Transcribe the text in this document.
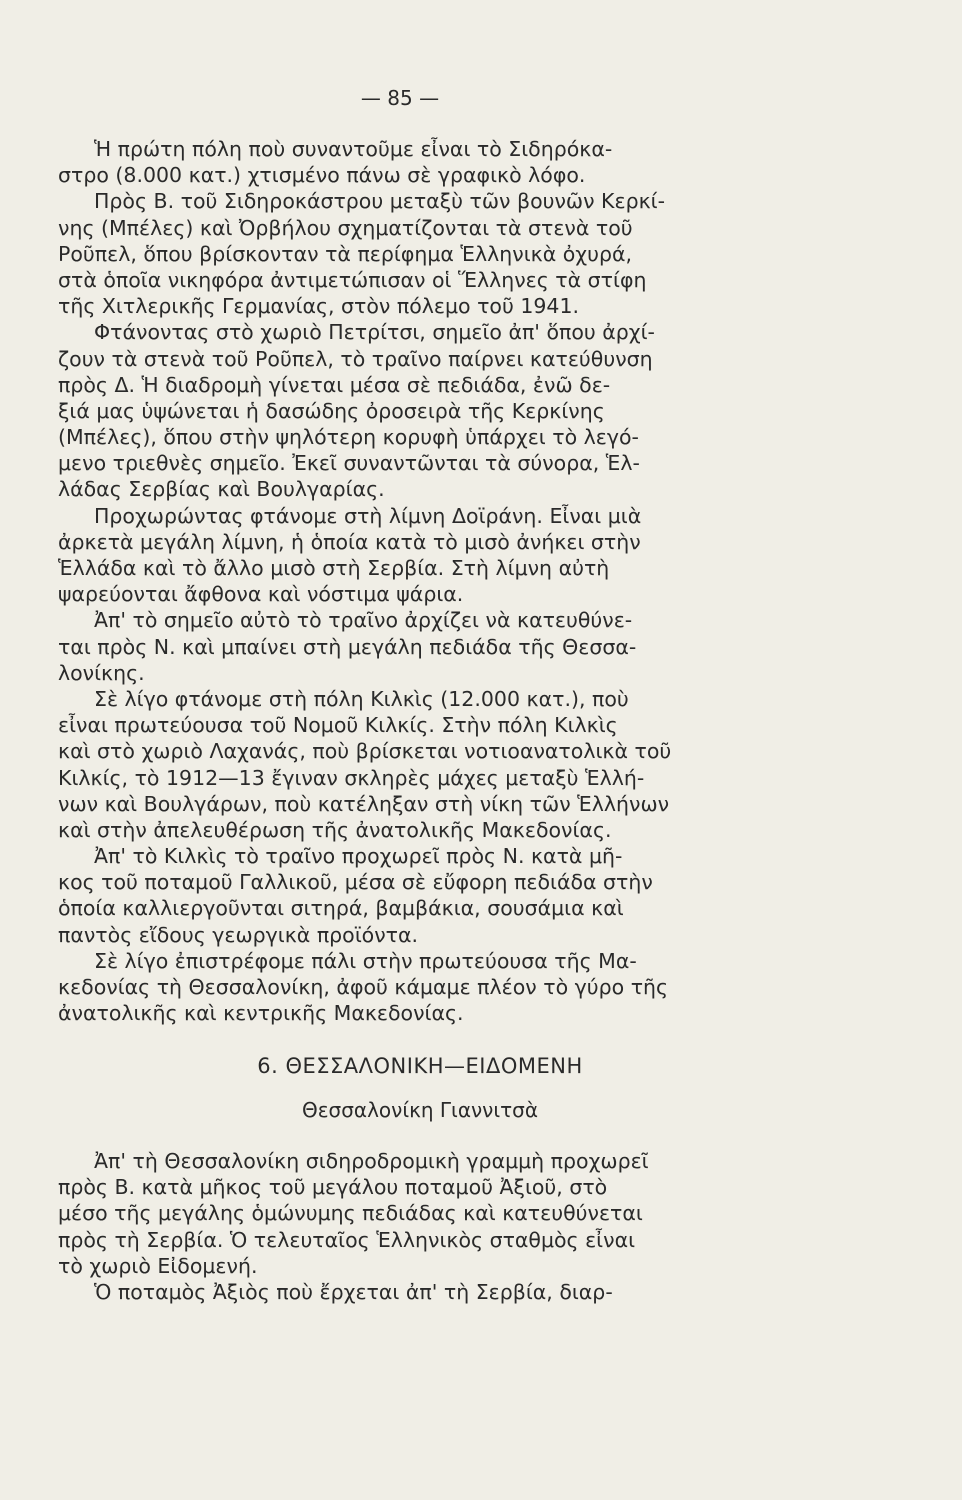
— 85 —
Ἡ πρώτη πόλη ποὺ συναντοῦμε εἶναι τὸ Σιδηρόκα-
στρο (8.000 κατ.) χτισμένο πάνω σὲ γραφικὸ λόφο.
Πρὸς Β. τοῦ Σιδηροκάστρου μεταξὺ τῶν βουνῶν Κερκί-
νης (Μπέλες) καὶ Ὀρβήλου σχηματίζονται τὰ στενὰ τοῦ
Ροῦπελ, ὅπου βρίσκονταν τὰ περίφημα Ἑλληνικὰ ὀχυρά,
στὰ ὁποῖα νικηφόρα ἀντιμετώπισαν οἱ Ἕλληνες τὰ στίφη
τῆς Χιτλερικῆς Γερμανίας, στὸν πόλεμο τοῦ 1941.
Φτάνοντας στὸ χωριὸ Πετρίτσι, σημεῖο ἀπ' ὅπου ἀρχί-
ζουν τὰ στενὰ τοῦ Ροῦπελ, τὸ τραῖνο παίρνει κατεύθυνση
πρὸς Δ. Ἡ διαδρομὴ γίνεται μέσα σὲ πεδιάδα, ἐνῶ δε-
ξιά μας ὑψώνεται ἡ δασώδης ὀροσειρὰ τῆς Κερκίνης
(Μπέλες), ὅπου στὴν ψηλότερη κορυφὴ ὑπάρχει τὸ λεγό-
μενο τριεθνὲς σημεῖο. Ἐκεῖ συναντῶνται τὰ σύνορα, Ἑλ-
λάδας Σερβίας καὶ Βουλγαρίας.
Προχωρώντας φτάνομε στὴ λίμνη Δοϊράνη. Εἶναι μιὰ
ἀρκετὰ μεγάλη λίμνη, ἡ ὁποία κατὰ τὸ μισὸ ἀνήκει στὴν
Ἑλλάδα καὶ τὸ ἄλλο μισὸ στὴ Σερβία. Στὴ λίμνη αὐτὴ
ψαρεύονται ἄφθονα καὶ νόστιμα ψάρια.
Ἀπ' τὸ σημεῖο αὐτὸ τὸ τραῖνο ἀρχίζει νὰ κατευθύνε-
ται πρὸς Ν. καὶ μπαίνει στὴ μεγάλη πεδιάδα τῆς Θεσσα-
λονίκης.
Σὲ λίγο φτάνομε στὴ πόλη Κιλκὶς (12.000 κατ.), ποὺ
εἶναι πρωτεύουσα τοῦ Νομοῦ Κιλκίς. Στὴν πόλη Κιλκὶς
καὶ στὸ χωριὸ Λαχανάς, ποὺ βρίσκεται νοτιοανατολικὰ τοῦ
Κιλκίς, τὸ 1912—13 ἔγιναν σκληρὲς μάχες μεταξὺ Ἑλλή-
νων καὶ Βουλγάρων, ποὺ κατέληξαν στὴ νίκη τῶν Ἑλλήνων
καὶ στὴν ἀπελευθέρωση τῆς ἀνατολικῆς Μακεδονίας.
Ἀπ' τὸ Κιλκὶς τὸ τραῖνο προχωρεῖ πρὸς Ν. κατὰ μῆ-
κος τοῦ ποταμοῦ Γαλλικοῦ, μέσα σὲ εὔφορη πεδιάδα στὴν
ὁποία καλλιεργοῦνται σιτηρά, βαμβάκια, σουσάμια καὶ
παντὸς εἴδους γεωργικὰ προϊόντα.
Σὲ λίγο ἐπιστρέφομε πάλι στὴν πρωτεύουσα τῆς Μα-
κεδονίας τὴ Θεσσαλονίκη, ἀφοῦ κάμαμε πλέον τὸ γύρο τῆς
ἀνατολικῆς καὶ κεντρικῆς Μακεδονίας.
6. ΘΕΣΣΑΛΟΝΙΚΗ—ΕΙΔΟΜΕΝΗ
Θεσσαλονίκη Γιαννιτσὰ
Ἀπ' τὴ Θεσσαλονίκη σιδηροδρομικὴ γραμμὴ προχωρεῖ
πρὸς Β. κατὰ μῆκος τοῦ μεγάλου ποταμοῦ Ἀξιοῦ, στὸ
μέσο τῆς μεγάλης ὁμώνυμης πεδιάδας καὶ κατευθύνεται
πρὸς τὴ Σερβία. Ὁ τελευταῖος Ἑλληνικὸς σταθμὸς εἶναι
τὸ χωριὸ Εἰδομενή.
Ὁ ποταμὸς Ἀξιὸς ποὺ ἔρχεται ἀπ' τὴ Σερβία, διαρ-
